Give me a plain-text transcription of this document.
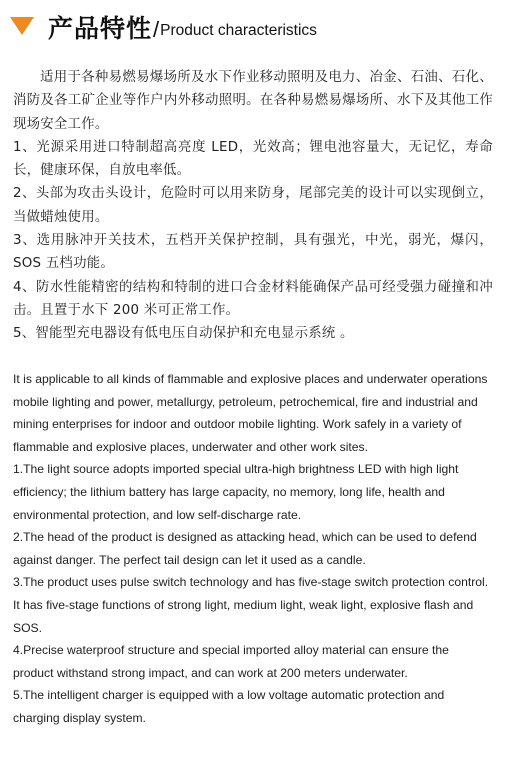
产品特性 / Product characteristics

适用于各种易燃易爆场所及水下作业移动照明及电力、冶金、石油、石化、消防及各工矿企业等作户内外移动照明。在各种易燃易爆场所、水下及其他工作现场安全工作。

1、光源采用进口特制超高亮度 LED，光效高；锂电池容量大，无记忆，寿命长，健康环保，自放电率低。

2、头部为攻击头设计，危险时可以用来防身，尾部完美的设计可以实现倒立，当做蜡烛使用。

3、选用脉冲开关技术，五档开关保护控制，具有强光，中光，弱光，爆闪，SOS 五档功能。

4、防水性能精密的结构和特制的进口合金材料能确保产品可经受强力碰撞和冲击。且置于水下 200 米可正常工作。

5、智能型充电器设有低电压自动保护和充电显示系统 。

It is applicable to all kinds of flammable and explosive places and underwater operations mobile lighting and power, metallurgy, petroleum, petrochemical, fire and industrial and mining enterprises for indoor and outdoor mobile lighting. Work safely in a variety of flammable and explosive places, underwater and other work sites.

1.The light source adopts imported special ultra-high brightness LED with high light efficiency; the lithium battery has large capacity, no memory, long life, health and environmental protection, and low self-discharge rate.

2.The head of the product is designed as attacking head, which can be used to defend against danger. The perfect tail design can let it used as a candle.

3.The product uses pulse switch technology and has five-stage switch protection control. It has five-stage functions of strong light, medium light, weak light, explosive flash and SOS.

4.Precise waterproof structure and special imported alloy material can ensure the product withstand strong impact, and can work at 200 meters underwater.

5.The intelligent charger is equipped with a low voltage automatic protection and charging display system.
